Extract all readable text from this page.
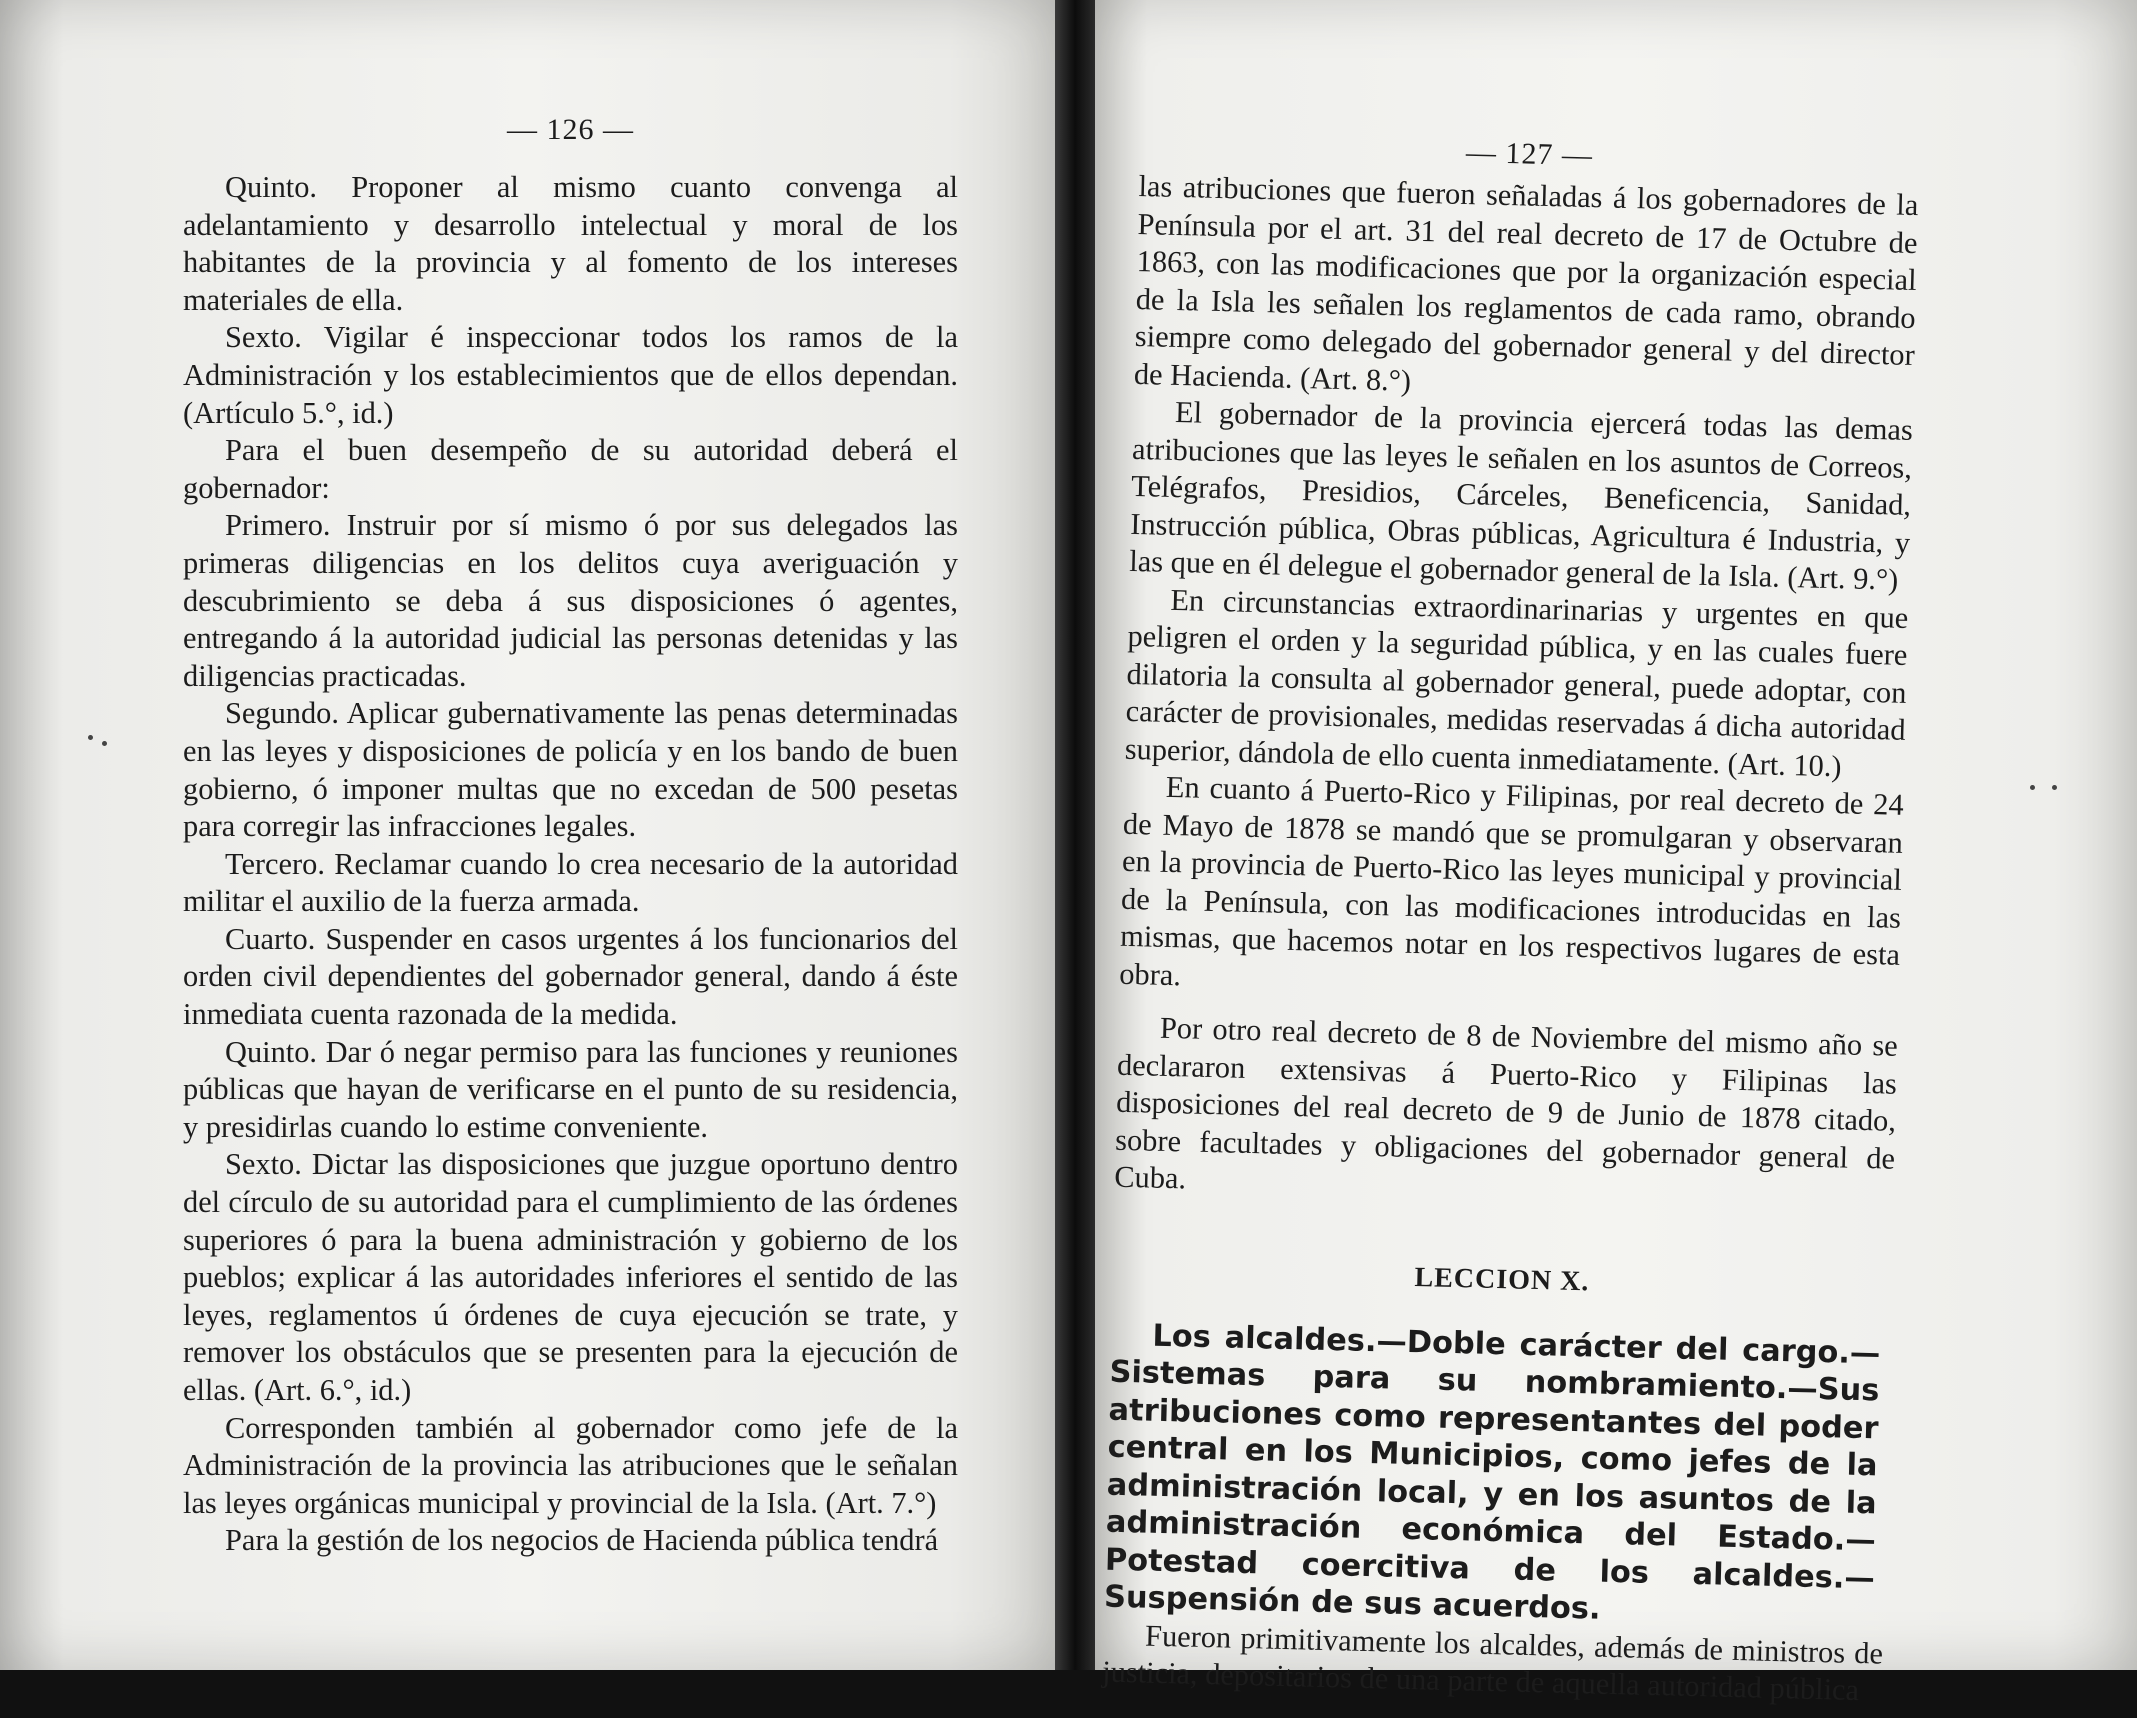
— 126 —

Quinto. Proponer al mismo cuanto convenga al adelantamiento y desarrollo intelectual y moral de los habitantes de la provincia y al fomento de los intereses materiales de ella.

Sexto. Vigilar é inspeccionar todos los ramos de la Administración y los establecimientos que de ellos dependan. (Artículo 5.°, id.)

Para el buen desempeño de su autoridad deberá el gobernador:

Primero. Instruir por sí mismo ó por sus delegados las primeras diligencias en los delitos cuya averiguación y descubrimiento se deba á sus disposiciones ó agentes, entregando á la autoridad judicial las personas detenidas y las diligencias practicadas.

Segundo. Aplicar gubernativamente las penas determinadas en las leyes y disposiciones de policía y en los bando de buen gobierno, ó imponer multas que no excedan de 500 pesetas para corregir las infracciones legales.

Tercero. Reclamar cuando lo crea necesario de la autoridad militar el auxilio de la fuerza armada.

Cuarto. Suspender en casos urgentes á los funcionarios del orden civil dependientes del gobernador general, dando á éste inmediata cuenta razonada de la medida.

Quinto. Dar ó negar permiso para las funciones y reuniones públicas que hayan de verificarse en el punto de su residencia, y presidirlas cuando lo estime conveniente.

Sexto. Dictar las disposiciones que juzgue oportuno dentro del círculo de su autoridad para el cumplimiento de las órdenes superiores ó para la buena administración y gobierno de los pueblos; explicar á las autoridades inferiores el sentido de las leyes, reglamentos ú órdenes de cuya ejecución se trate, y remover los obstáculos que se presenten para la ejecución de ellas. (Art. 6.°, id.)

Corresponden también al gobernador como jefe de la Administración de la provincia las atribuciones que le señalan las leyes orgánicas municipal y provincial de la Isla. (Art. 7.°)

Para la gestión de los negocios de Hacienda pública tendrá

— 127 —

las atribuciones que fueron señaladas á los gobernadores de la Península por el art. 31 del real decreto de 17 de Octubre de 1863, con las modificaciones que por la organización especial de la Isla les señalen los reglamentos de cada ramo, obrando siempre como delegado del gobernador general y del director de Hacienda. (Art. 8.°)

El gobernador de la provincia ejercerá todas las demas atribuciones que las leyes le señalen en los asuntos de Correos, Telégrafos, Presidios, Cárceles, Beneficencia, Sanidad, Instrucción pública, Obras públicas, Agricultura é Industria, y las que en él delegue el gobernador general de la Isla. (Art. 9.°)

En circunstancias extraordinarinarias y urgentes en que peligren el orden y la seguridad pública, y en las cuales fuere dilatoria la consulta al gobernador general, puede adoptar, con carácter de provisionales, medidas reservadas á dicha autoridad superior, dándola de ello cuenta inmediatamente. (Art. 10.)

En cuanto á Puerto-Rico y Filipinas, por real decreto de 24 de Mayo de 1878 se mandó que se promulgaran y observaran en la provincia de Puerto-Rico las leyes municipal y provincial de la Península, con las modificaciones introducidas en las mismas, que hacemos notar en los respectivos lugares de esta obra.

Por otro real decreto de 8 de Noviembre del mismo año se declararon extensivas á Puerto-Rico y Filipinas las disposiciones del real decreto de 9 de Junio de 1878 citado, sobre facultades y obligaciones del gobernador general de Cuba.

LECCION X.

Los alcaldes.—Doble carácter del cargo.—Sistemas para su nombramiento.—Sus atribuciones como representantes del poder central en los Municipios, como jefes de la administración local, y en los asuntos de la administración económica del Estado.—Potestad coercitiva de los alcaldes.—Suspensión de sus acuerdos.

Fueron primitivamente los alcaldes, además de ministros de justicia, depositarios de una parte de aquella autoridad pública
